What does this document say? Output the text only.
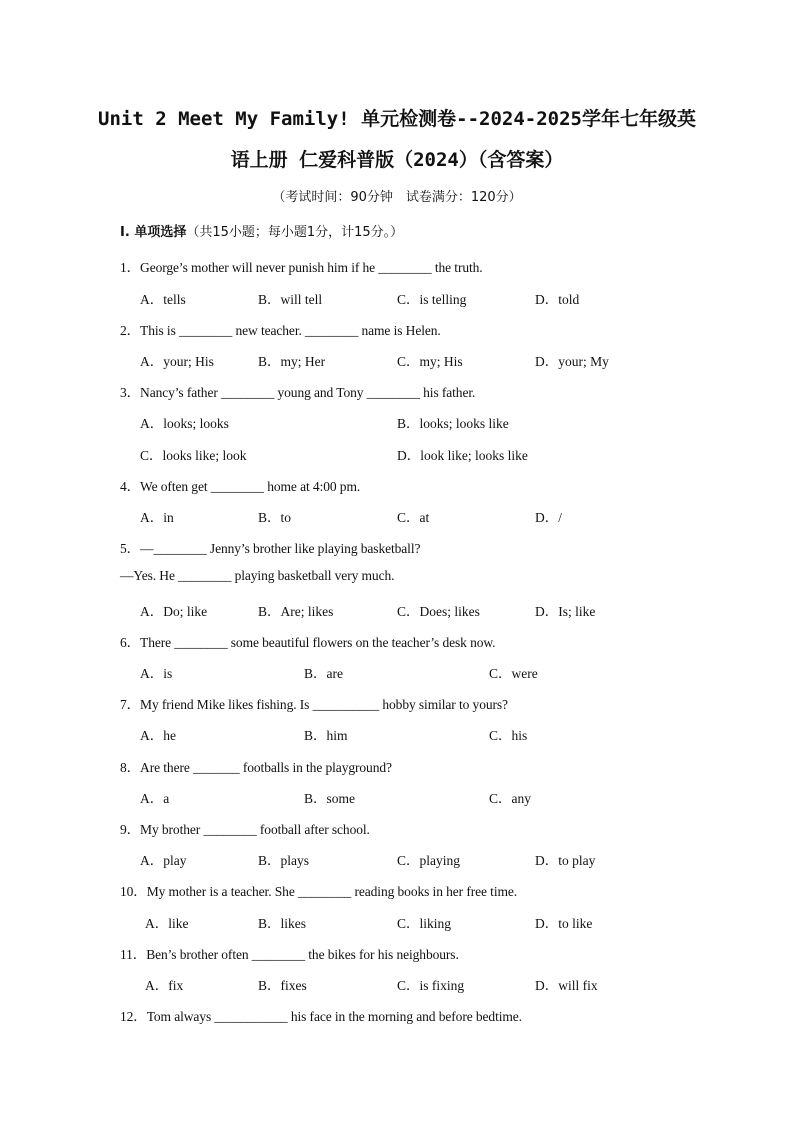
Unit 2 Meet My Family! 单元检测卷--2024-2025学年七年级英
语上册 仁爱科普版（2024）（含答案）
（考试时间：90分钟　试卷满分：120分）
I. 单项选择（共15小题；每小题1分，计15分。）
1．George’s mother will never punish him if he ________ the truth.
A．tells	B．will tell	C．is telling	D．told
2．This is ________ new teacher. ________ name is Helen.
A．your; His	B．my; Her	C．my; His	D．your; My
3．Nancy’s father ________ young and Tony ________ his father.
A．looks; looks	B．looks; looks like
C．looks like; look	D．look like; looks like
4．We often get ________ home at 4:00 pm.
A．in	B．to	C．at	D．/
5．—________ Jenny’s brother like playing basketball?
—Yes. He ________ playing basketball very much.
A．Do; like	B．Are; likes	C．Does; likes	D．Is; like
6．There ________ some beautiful flowers on the teacher’s desk now.
A．is	B．are	C．were
7．My friend Mike likes fishing. Is __________ hobby similar to yours?
A．he	B．him	C．his
8．Are there _______ footballs in the playground?
A．a	B．some	C．any
9．My brother ________ football after school.
A．play	B．plays	C．playing	D．to play
10．My mother is a teacher. She ________ reading books in her free time.
A．like	B．likes	C．liking	D．to like
11．Ben’s brother often ________ the bikes for his neighbours.
A．fix	B．fixes	C．is fixing	D．will fix
12．Tom always ___________ his face in the morning and before bedtime.
